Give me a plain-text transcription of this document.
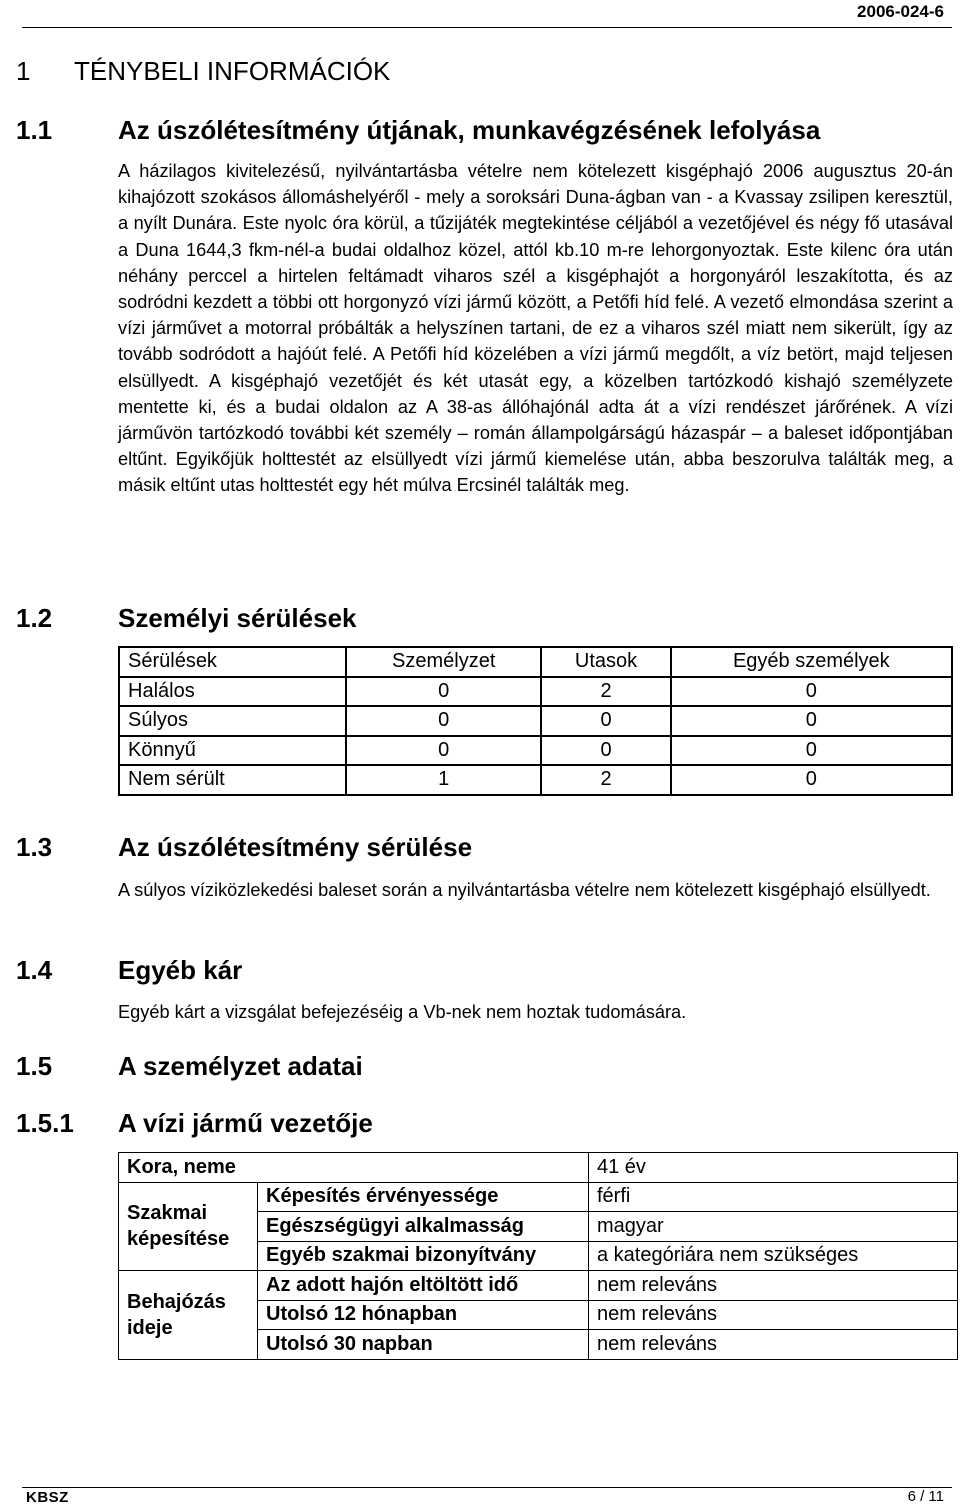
2006-024-6
1 TÉNYBELI INFORMÁCIÓK
1.1	Az úszólétesítmény útjának, munkavégzésének lefolyása
A házilagos kivitelezésű, nyilvántartásba vételre nem kötelezett kisgéphajó 2006 augusztus 20-án kihajózott szokásos állomáshelyéről - mely a soroksári Duna-ágban van - a Kvassay zsilipen keresztül, a nyílt Dunára. Este nyolc óra körül, a tűzijáték megtekintése céljából a vezetőjével és négy fő utasával a Duna 1644,3 fkm-nél-a budai oldalhoz közel, attól kb.10 m-re lehorgonyoztak. Este kilenc óra után néhány perccel a hirtelen feltámadt viharos szél a kisgéphajót a horgonyáról leszakította, és az sodródni kezdett a többi ott horgonyzó vízi jármű között, a Petőfi híd felé. A vezető elmondása szerint a vízi járművet a motorral próbálták a helyszínen tartani, de ez a viharos szél miatt nem sikerült, így az tovább sodródott a hajóút felé. A Petőfi híd közelében a vízi jármű megdőlt, a víz betört, majd teljesen elsüllyedt. A kisgéphajó vezetőjét és két utasát egy, a közelben tartózkodó kishajó személyzete mentette ki, és a budai oldalon az A 38-as állóhajónál adta át a vízi rendészet járőrének. A vízi járművön tartózkodó további két személy – román állampolgárságú házaspár – a baleset időpontjában eltűnt. Egyikőjük holttestét az elsüllyedt vízi jármű kiemelése után, abba beszorulva találták meg, a másik eltűnt utas holttestét egy hét múlva Ercsinél találták meg.
1.2	Személyi sérülések
Sérülések	Személyzet	Utasok	Egyéb személyek
Halálos	0	2	0
Súlyos	0	0	0
Könnyű	0	0	0
Nem sérült	1	2	0
1.3	Az úszólétesítmény sérülése
A súlyos víziközlekedési baleset során a nyilvántartásba vételre nem kötelezett kisgéphajó elsüllyedt.
1.4	Egyéb kár
Egyéb kárt a vizsgálat befejezéséig a Vb-nek nem hoztak tudomására.
1.5	A személyzet adatai
1.5.1 A vízi jármű vezetője
Kora, neme		41 év
Szakmai képesítése	Képesítés érvényessége	férfi
	Egészségügyi alkalmasság	magyar
	Egyéb szakmai bizonyítvány	a kategóriára nem szükséges
Behajózás ideje	Az adott hajón eltöltött idő	nem releváns
	Utolsó 12 hónapban	nem releváns
	Utolsó 30 napban	nem releváns
KBSZ	6 / 11
